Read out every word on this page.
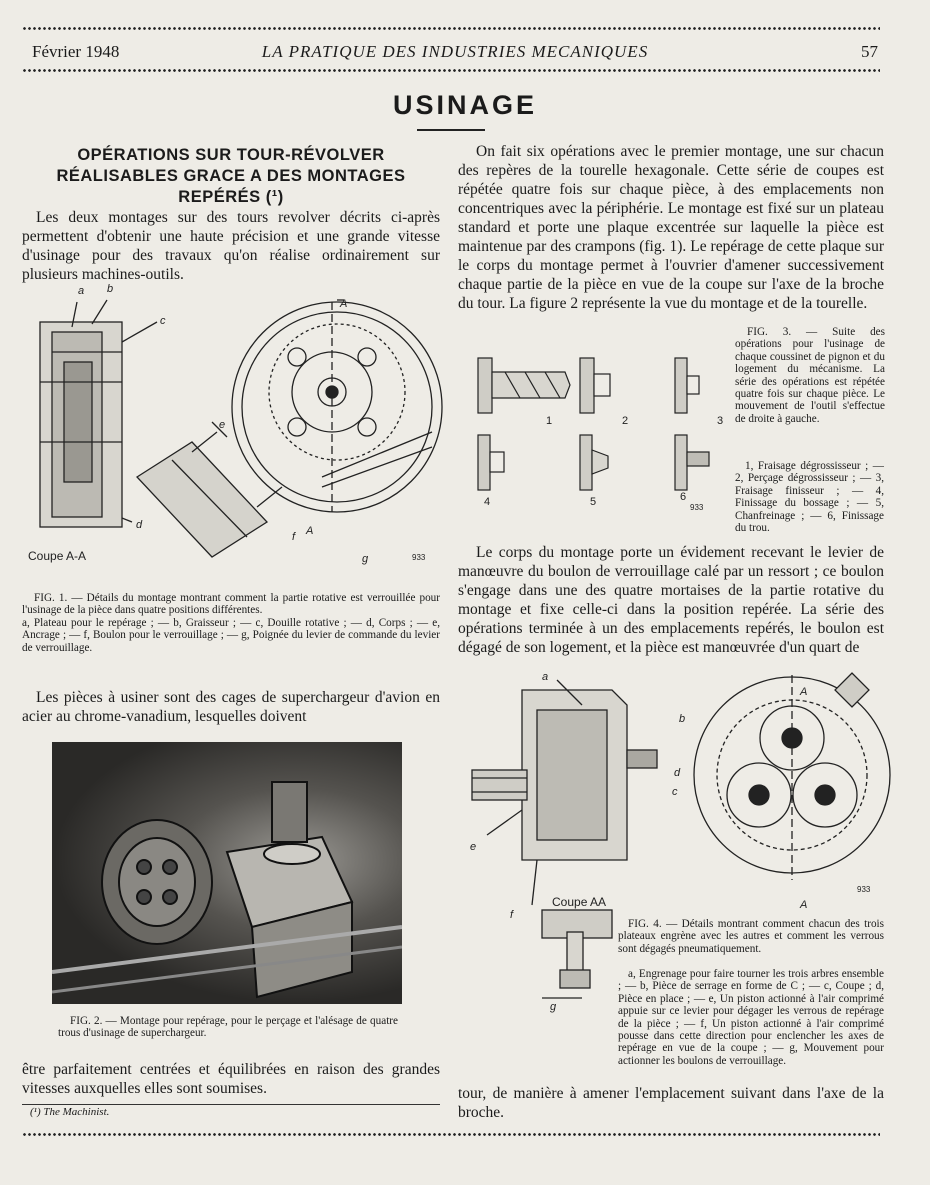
Février 1948	LA PRATIQUE DES INDUSTRIES MECANIQUES	57
USINAGE
OPÉRATIONS SUR TOUR-RÉVOLVER
RÉALISABLES GRACE A DES MONTAGES
REPÉRÉS (¹)
Les deux montages sur des tours revolver décrits ci-après permettent d'obtenir une haute précision et une grande vitesse d'usinage pour des travaux qu'on réalise ordinairement sur plusieurs machines-outils.
a b
c
d
e
f
g
A
A
Coupe A-A	933
FIG. 1. — Détails du montage montrant comment la partie rotative est verrouillée pour l'usinage de la pièce dans quatre positions différentes.
a, Plateau pour le repérage ; — b, Graisseur ; — c, Douille rotative ; — d, Corps ; — e, Ancrage ; — f, Boulon pour le verrouillage ; — g, Poignée du levier de commande du levier de verrouillage.
Les pièces à usiner sont des cages de superchargeur d'avion en acier au chrome-vanadium, lesquelles doivent
FIG. 2. — Montage pour repérage, pour le perçage et l'alésage de quatre trous d'usinage de superchargeur.
être parfaitement centrées et équilibrées en raison des grandes vitesses auxquelles elles sont soumises.
(¹) The Machinist.
On fait six opérations avec le premier montage, une sur chacun des repères de la tourelle hexagonale. Cette série de coupes est répétée quatre fois sur chaque pièce, à des emplacements non concentriques avec la périphérie. Le montage est fixé sur un plateau standard et porte une plaque excentrée sur laquelle la pièce est maintenue par des crampons (fig. 1). Le repérage de cette plaque sur le corps du montage permet à l'ouvrier d'amener successivement chaque partie de la pièce en vue de la coupe sur l'axe de la broche du tour. La figure 2 représente la vue du montage et de la tourelle.
1	2	3
4	5	6
933
FIG. 3. — Suite des opérations pour l'usinage de chaque coussinet de pignon et du logement du mécanisme. La série des opérations est répétée quatre fois sur chaque pièce. Le mouvement de l'outil s'effectue de droite à gauche.
1, Fraisage dégrossisseur ; — 2, Perçage dégrossisseur ; — 3, Fraisage finisseur ; — 4, Finissage du bossage ; — 5, Chanfreinage ; — 6, Finissage du trou.
Le corps du montage porte un évidement recevant le levier de manœuvre du boulon de verrouillage calé par un ressort ; ce boulon s'engage dans une des quatre mortaises de la partie rotative du montage et fixe celle-ci dans la position repérée. La série des opérations terminée à un des emplacements repérés, le boulon est dégagé de son logement, et la pièce est manœuvrée d'un quart de
a
b
c
d
e
f
g
A
A
Coupe AA
933
FIG. 4. — Détails montrant comment chacun des trois plateaux engrène avec les autres et comment les verrous sont dégagés pneumatiquement.
a, Engrenage pour faire tourner les trois arbres ensemble ; — b, Pièce de serrage en forme de C ; — c, Coupe ; d, Pièce en place ; — e, Un piston actionné à l'air comprimé appuie sur ce levier pour dégager les verrous de repérage de la pièce ; — f, Un piston actionné à l'air comprimé pousse dans cette direction pour enclencher les axes de repérage en vue de la coupe ; — g, Mouvement pour actionner les boulons de verrouillage.
tour, de manière à amener l'emplacement suivant dans l'axe de la broche.
